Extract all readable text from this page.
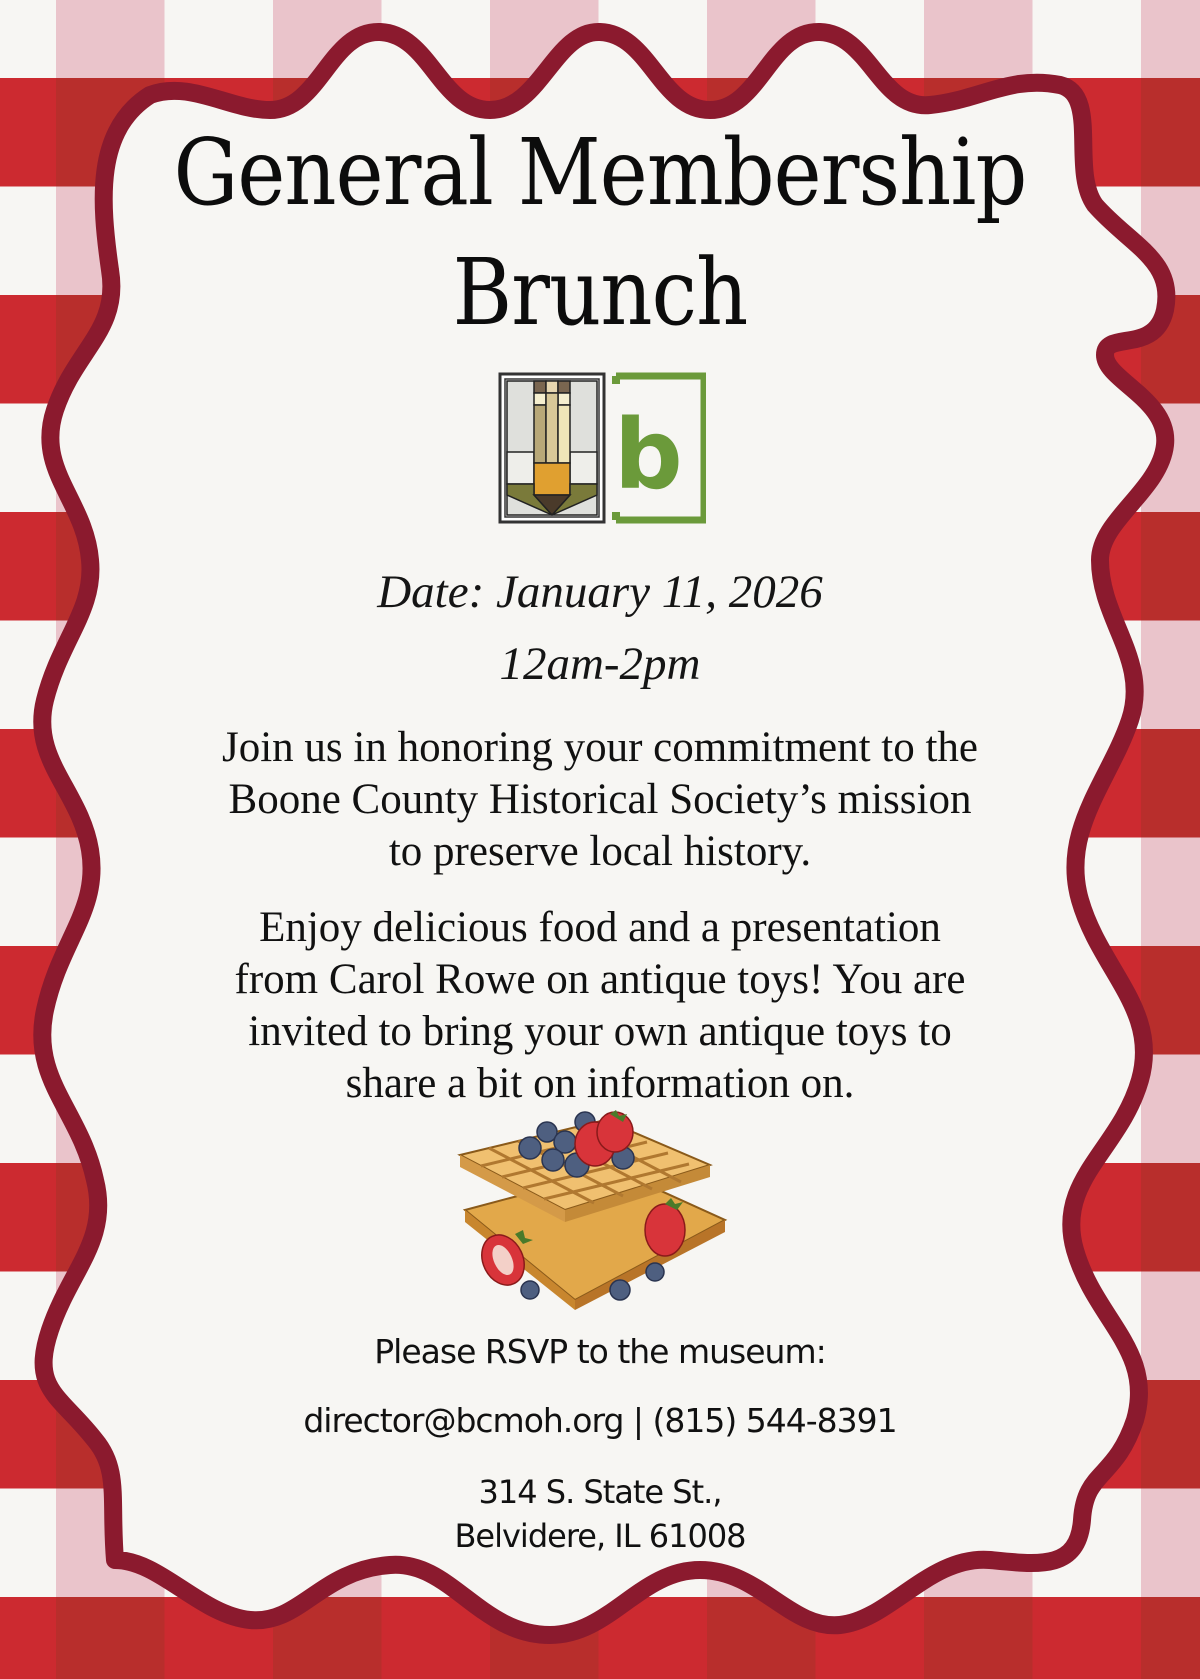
General Membership
Brunch
b
Date: January 11, 2026
12am-2pm
Join us in honoring your commitment to the
Boone County Historical Society’s mission
to preserve local history.
Enjoy delicious food and a presentation
from Carol Rowe on antique toys! You are
invited to bring your own antique toys to
share a bit on information on.
Please RSVP to the museum:
director@bcmoh.org | (815) 544-8391
314 S. State St.,
Belvidere, IL 61008
